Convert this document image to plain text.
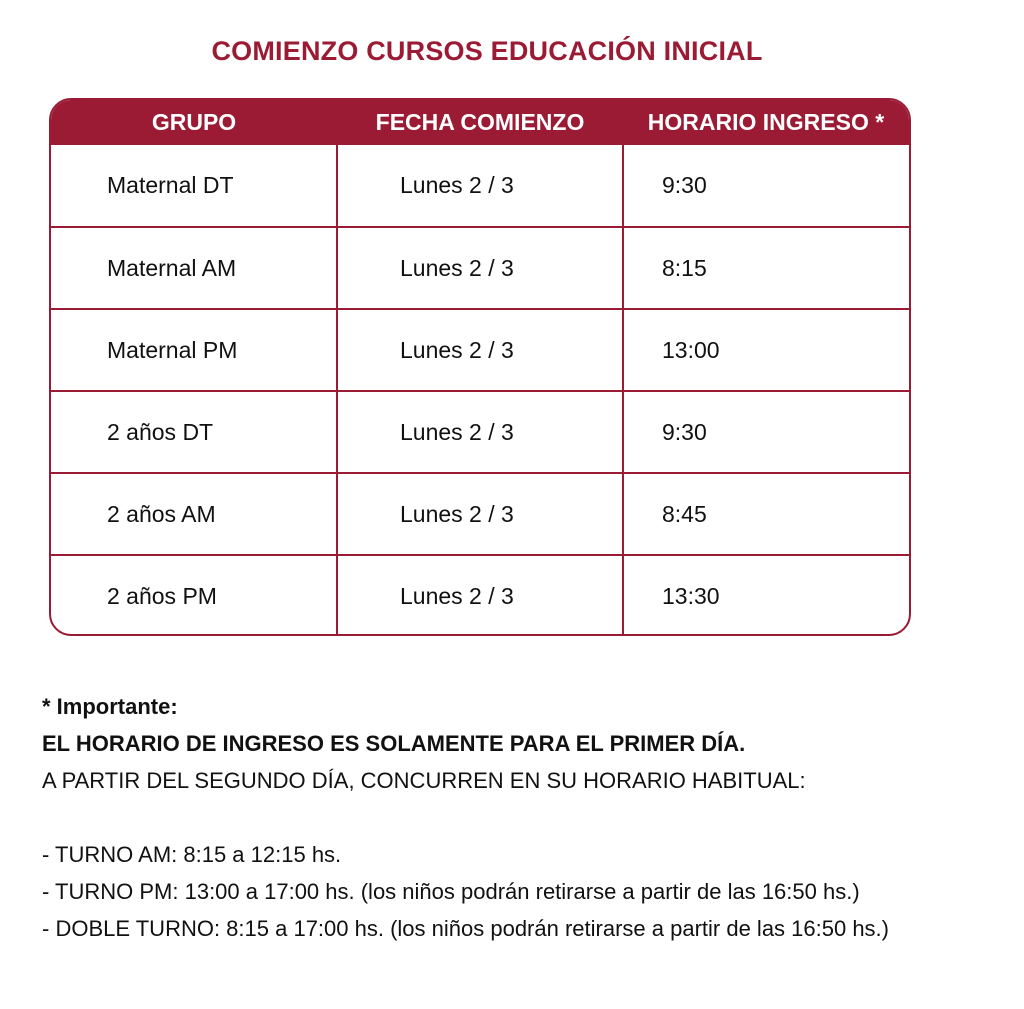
COMIENZO CURSOS EDUCACIÓN INICIAL
GRUPO	FECHA COMIENZO	HORARIO INGRESO *
Maternal DT	Lunes 2 / 3	9:30
Maternal AM	Lunes 2 / 3	8:15
Maternal PM	Lunes 2 / 3	13:00
2 años DT	Lunes 2 / 3	9:30
2 años AM	Lunes 2 / 3	8:45
2 años PM	Lunes 2 / 3	13:30
* Importante:
EL HORARIO DE INGRESO ES SOLAMENTE PARA EL PRIMER DÍA.
A PARTIR DEL SEGUNDO DÍA, CONCURREN EN SU HORARIO HABITUAL:
- TURNO AM: 8:15 a 12:15 hs.
- TURNO PM: 13:00 a 17:00 hs. (los niños podrán retirarse a partir de las 16:50 hs.)
- DOBLE TURNO: 8:15 a 17:00 hs. (los niños podrán retirarse a partir de las 16:50 hs.)
